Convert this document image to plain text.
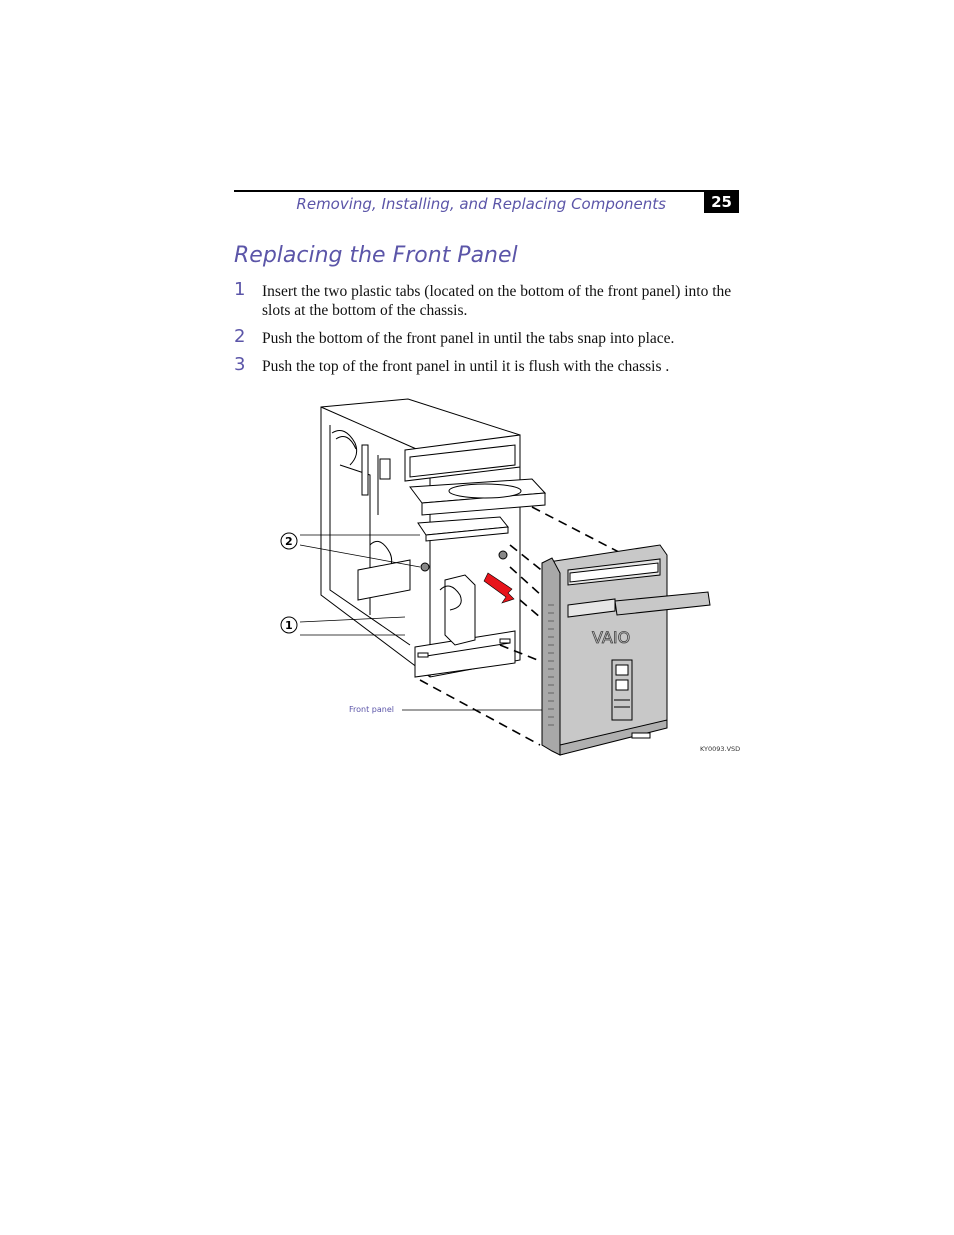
Removing, Installing, and Replacing Components	25
Replacing the Front Panel
1 Insert the two plastic tabs (located on the bottom of the front panel) into the slots at the bottom of the chassis.
2 Push the bottom of the front panel in until the tabs snap into place.
3 Push the top of the front panel in until it is flush with the chassis .
VAIO
2
1
Front panel
KY0093.VSD
